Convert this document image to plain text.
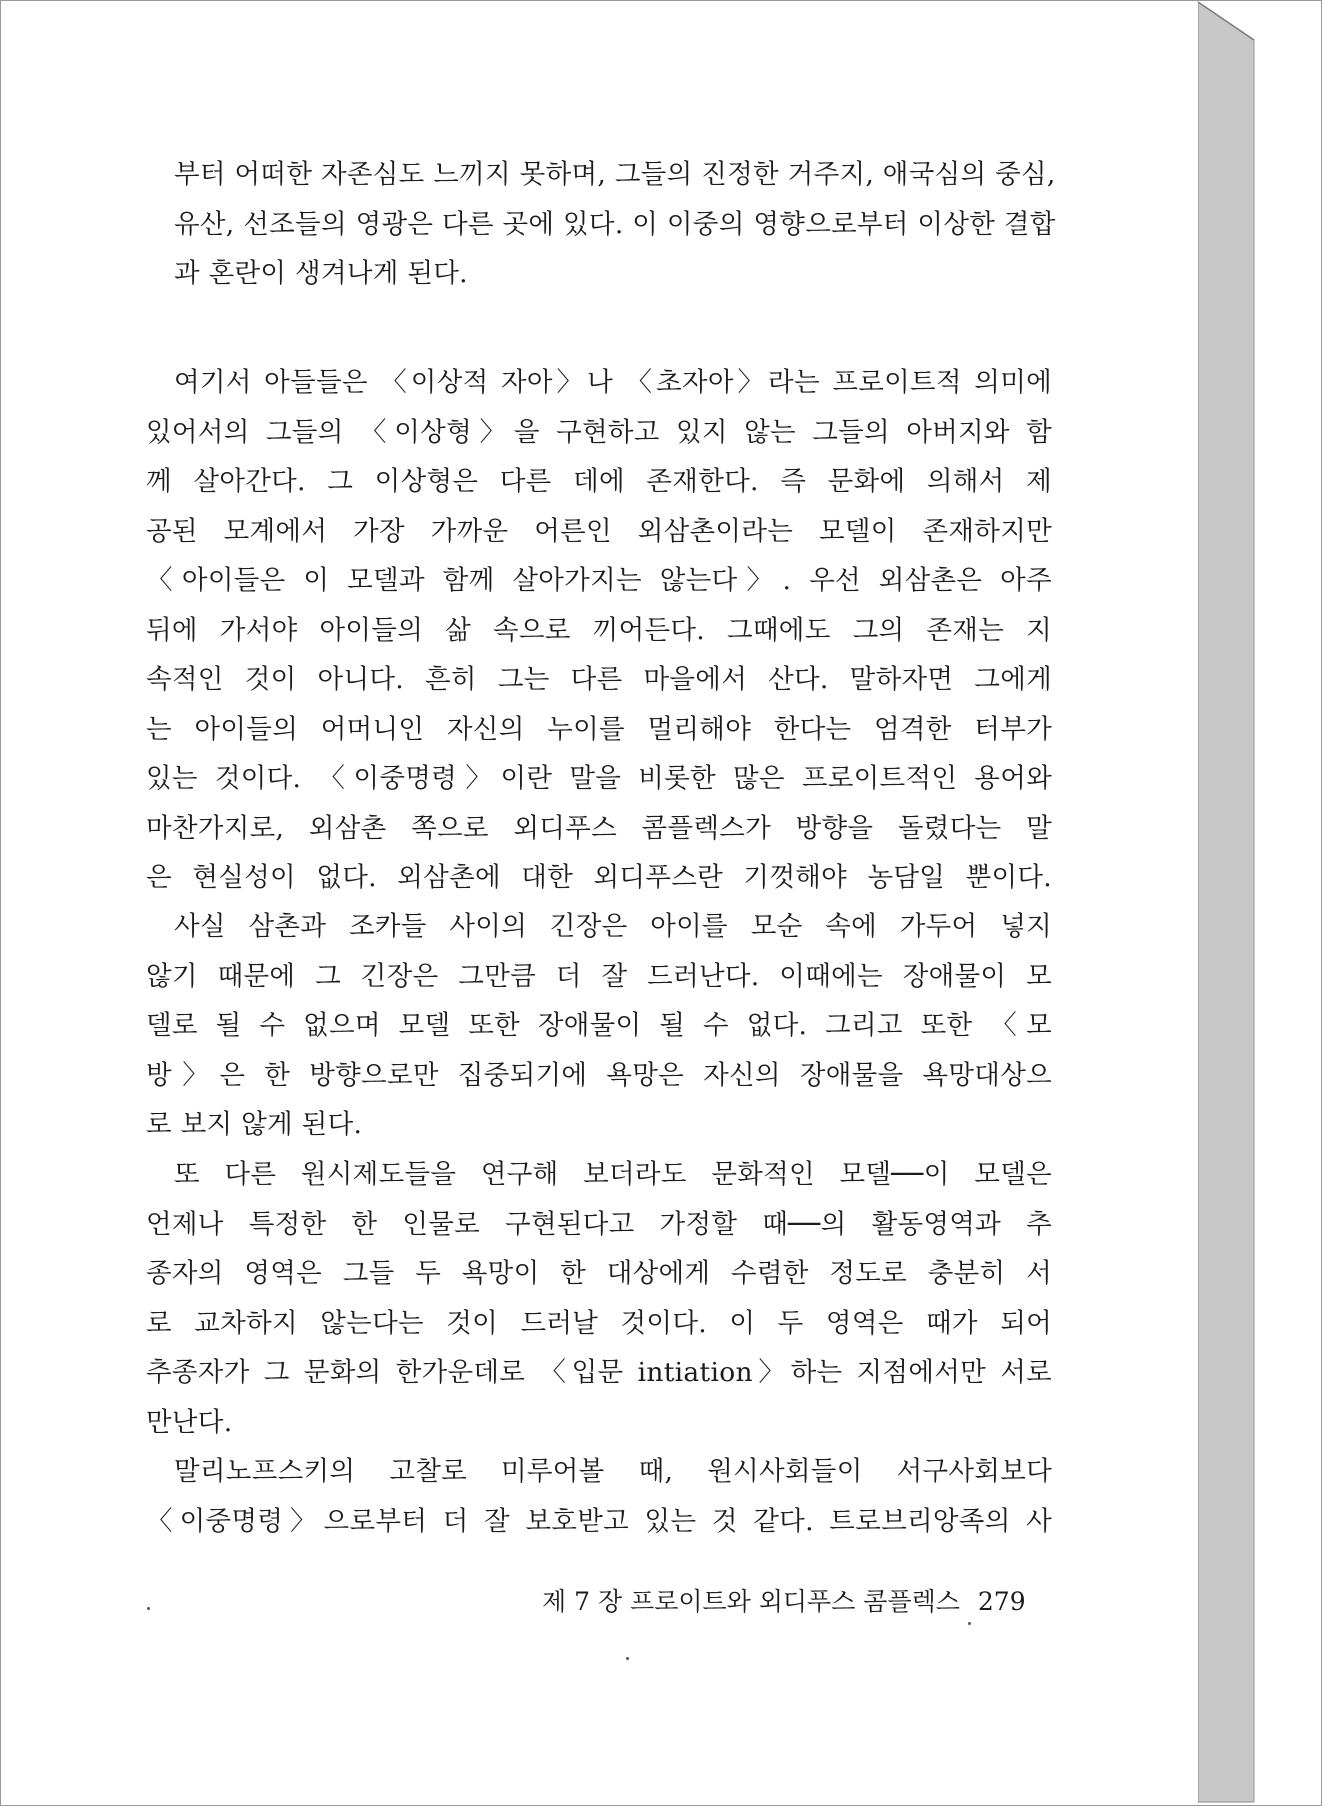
부터 어떠한 자존심도 느끼지 못하며, 그들의 진정한 거주지, 애국심의 중심,
유산, 선조들의 영광은 다른 곳에 있다. 이 이중의 영향으로부터 이상한 결합
과 혼란이 생겨나게 된다.
여기서 아들들은 〈이상적 자아〉나 〈초자아〉라는 프로이트적 의미에
있어서의 그들의 〈이상형〉을 구현하고 있지 않는 그들의 아버지와 함
께 살아간다. 그 이상형은 다른 데에 존재한다. 즉 문화에 의해서 제
공된 모계에서 가장 가까운 어른인 외삼촌이라는 모델이 존재하지만
〈아이들은 이 모델과 함께 살아가지는 않는다〉. 우선 외삼촌은 아주
뒤에 가서야 아이들의 삶 속으로 끼어든다. 그때에도 그의 존재는 지
속적인 것이 아니다. 흔히 그는 다른 마을에서 산다. 말하자면 그에게
는 아이들의 어머니인 자신의 누이를 멀리해야 한다는 엄격한 터부가
있는 것이다. 〈이중명령〉이란 말을 비롯한 많은 프로이트적인 용어와
마찬가지로, 외삼촌 쪽으로 외디푸스 콤플렉스가 방향을 돌렸다는 말
은 현실성이 없다. 외삼촌에 대한 외디푸스란 기껏해야 농담일 뿐이다.
사실 삼촌과 조카들 사이의 긴장은 아이를 모순 속에 가두어 넣지
않기 때문에 그 긴장은 그만큼 더 잘 드러난다. 이때에는 장애물이 모
델로 될 수 없으며 모델 또한 장애물이 될 수 없다. 그리고 또한 〈모
방〉은 한 방향으로만 집중되기에 욕망은 자신의 장애물을 욕망대상으
로 보지 않게 된다.
또 다른 원시제도들을 연구해 보더라도 문화적인 모델──이 모델은
언제나 특정한 한 인물로 구현된다고 가정할 때──의 활동영역과 추
종자의 영역은 그들 두 욕망이 한 대상에게 수렴한 정도로 충분히 서
로 교차하지 않는다는 것이 드러날 것이다. 이 두 영역은 때가 되어
추종자가 그 문화의 한가운데로 〈입문 intiation〉하는 지점에서만 서로
만난다.
말리노프스키의 고찰로 미루어볼 때, 원시사회들이 서구사회보다
〈이중명령〉으로부터 더 잘 보호받고 있는 것 같다. 트로브리앙족의 사
제 7 장 프로이트와 외디푸스 콤플렉스 279
